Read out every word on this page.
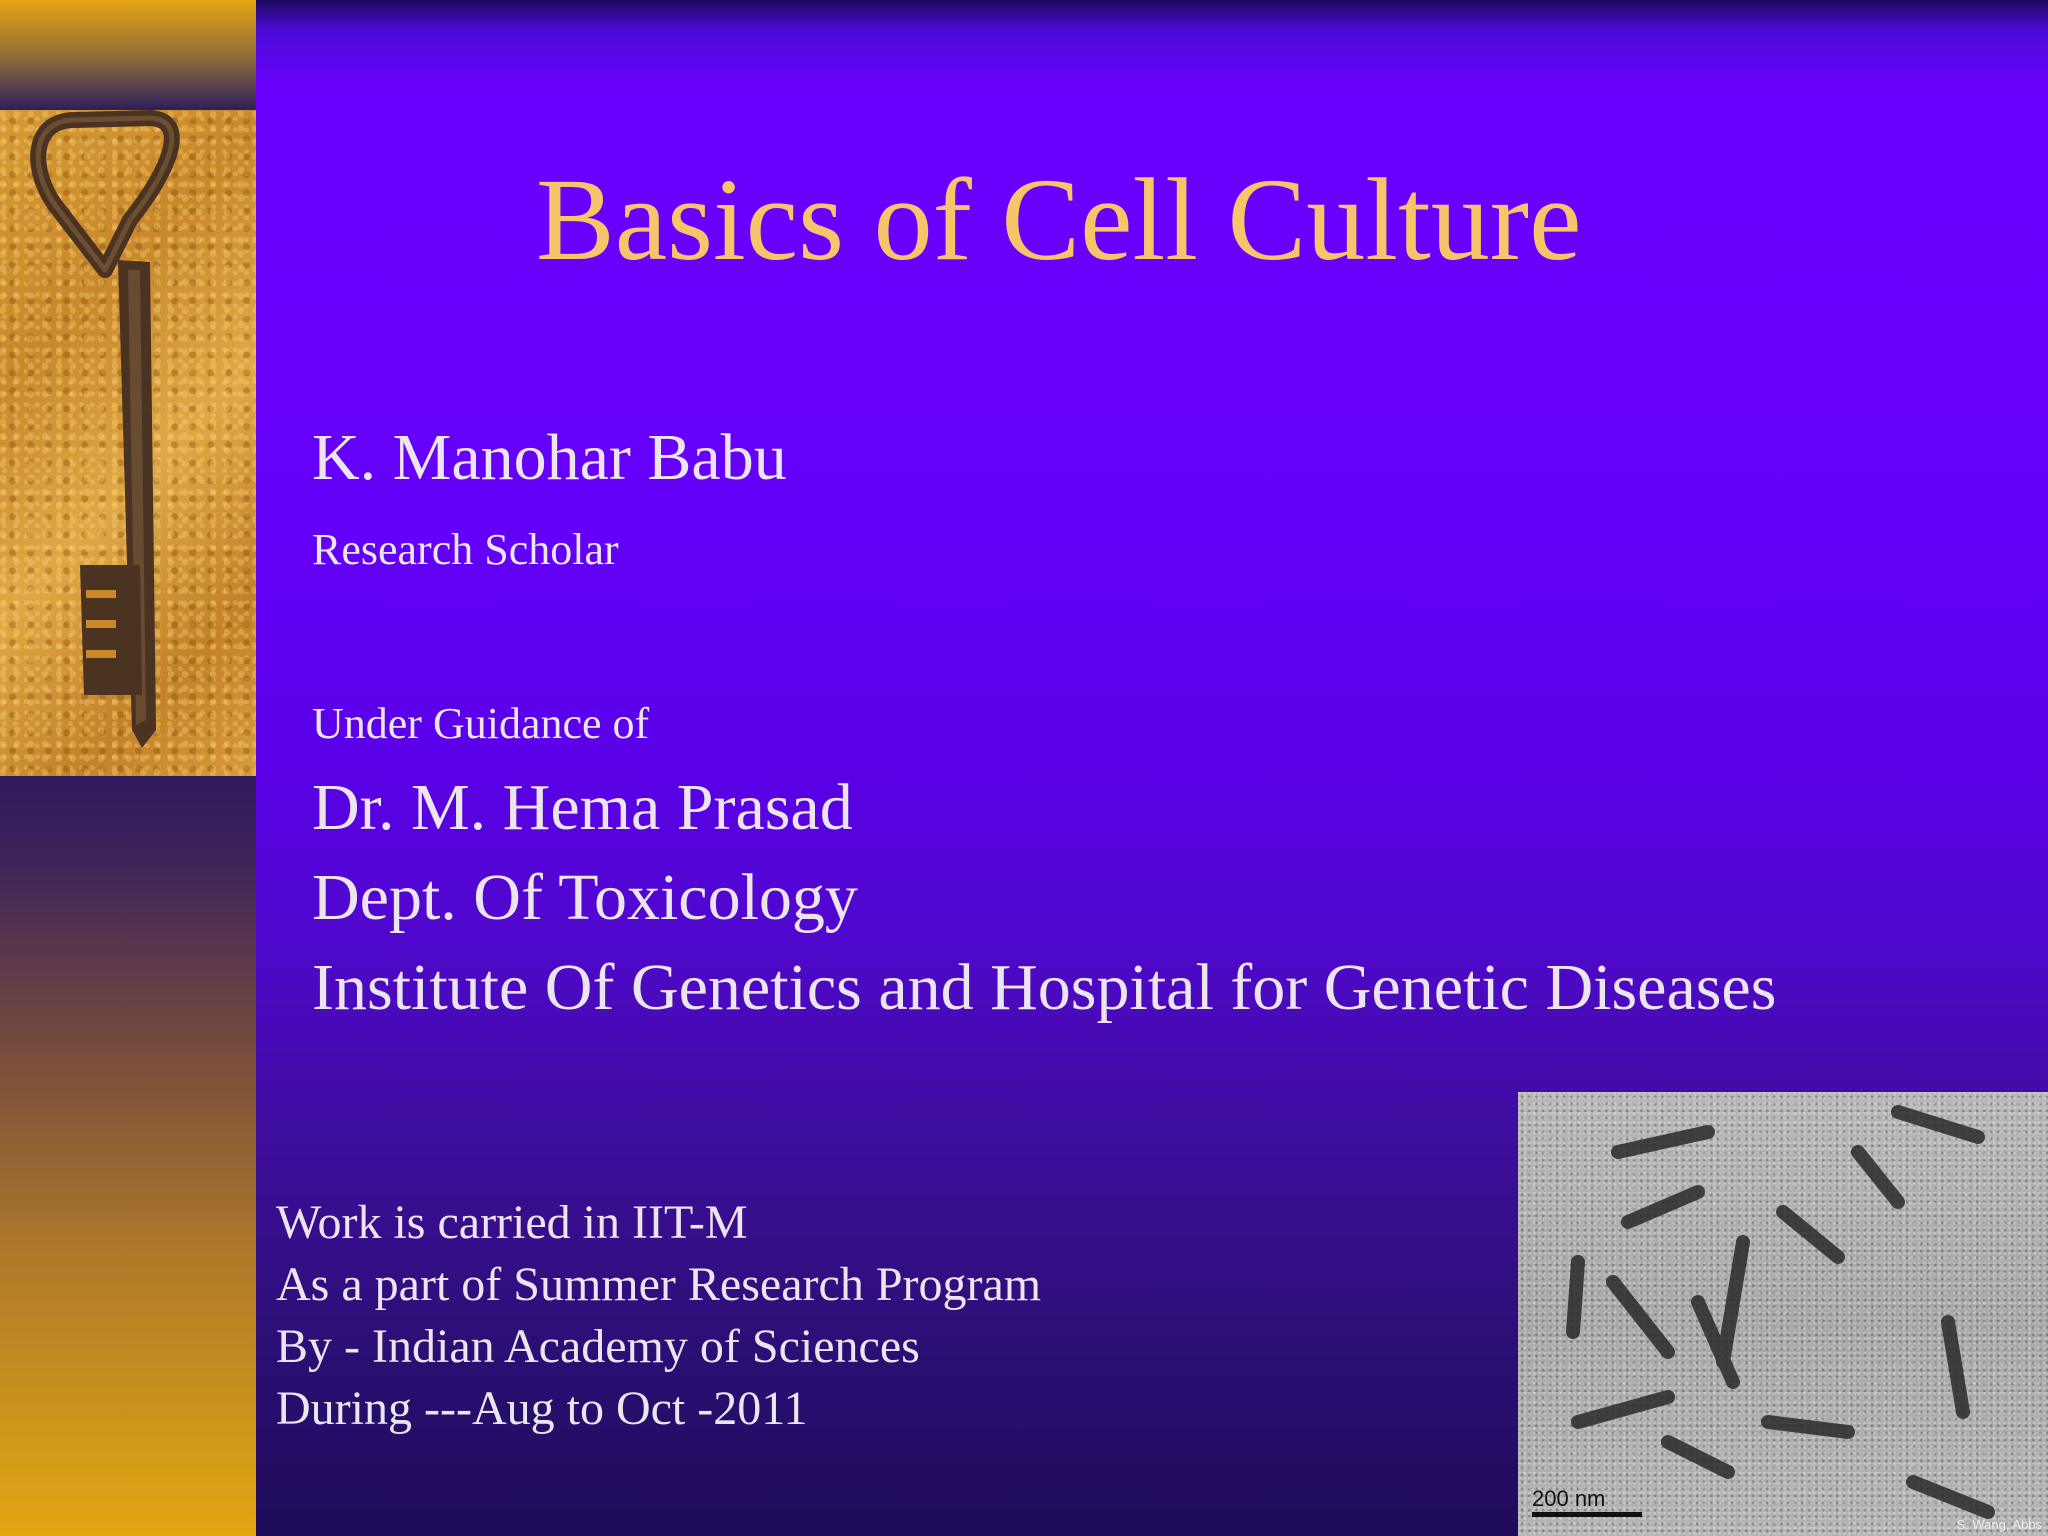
Basics of Cell Culture
K. Manohar Babu
Research Scholar
Under Guidance of
Dr. M. Hema Prasad
Dept. Of Toxicology
Institute Of Genetics and Hospital for Genetic Diseases
Work is carried in IIT-M
As a part of Summer Research Program
By - Indian Academy of Sciences
During ---Aug to Oct -2011
200 nm
S. Wang, Abbs
